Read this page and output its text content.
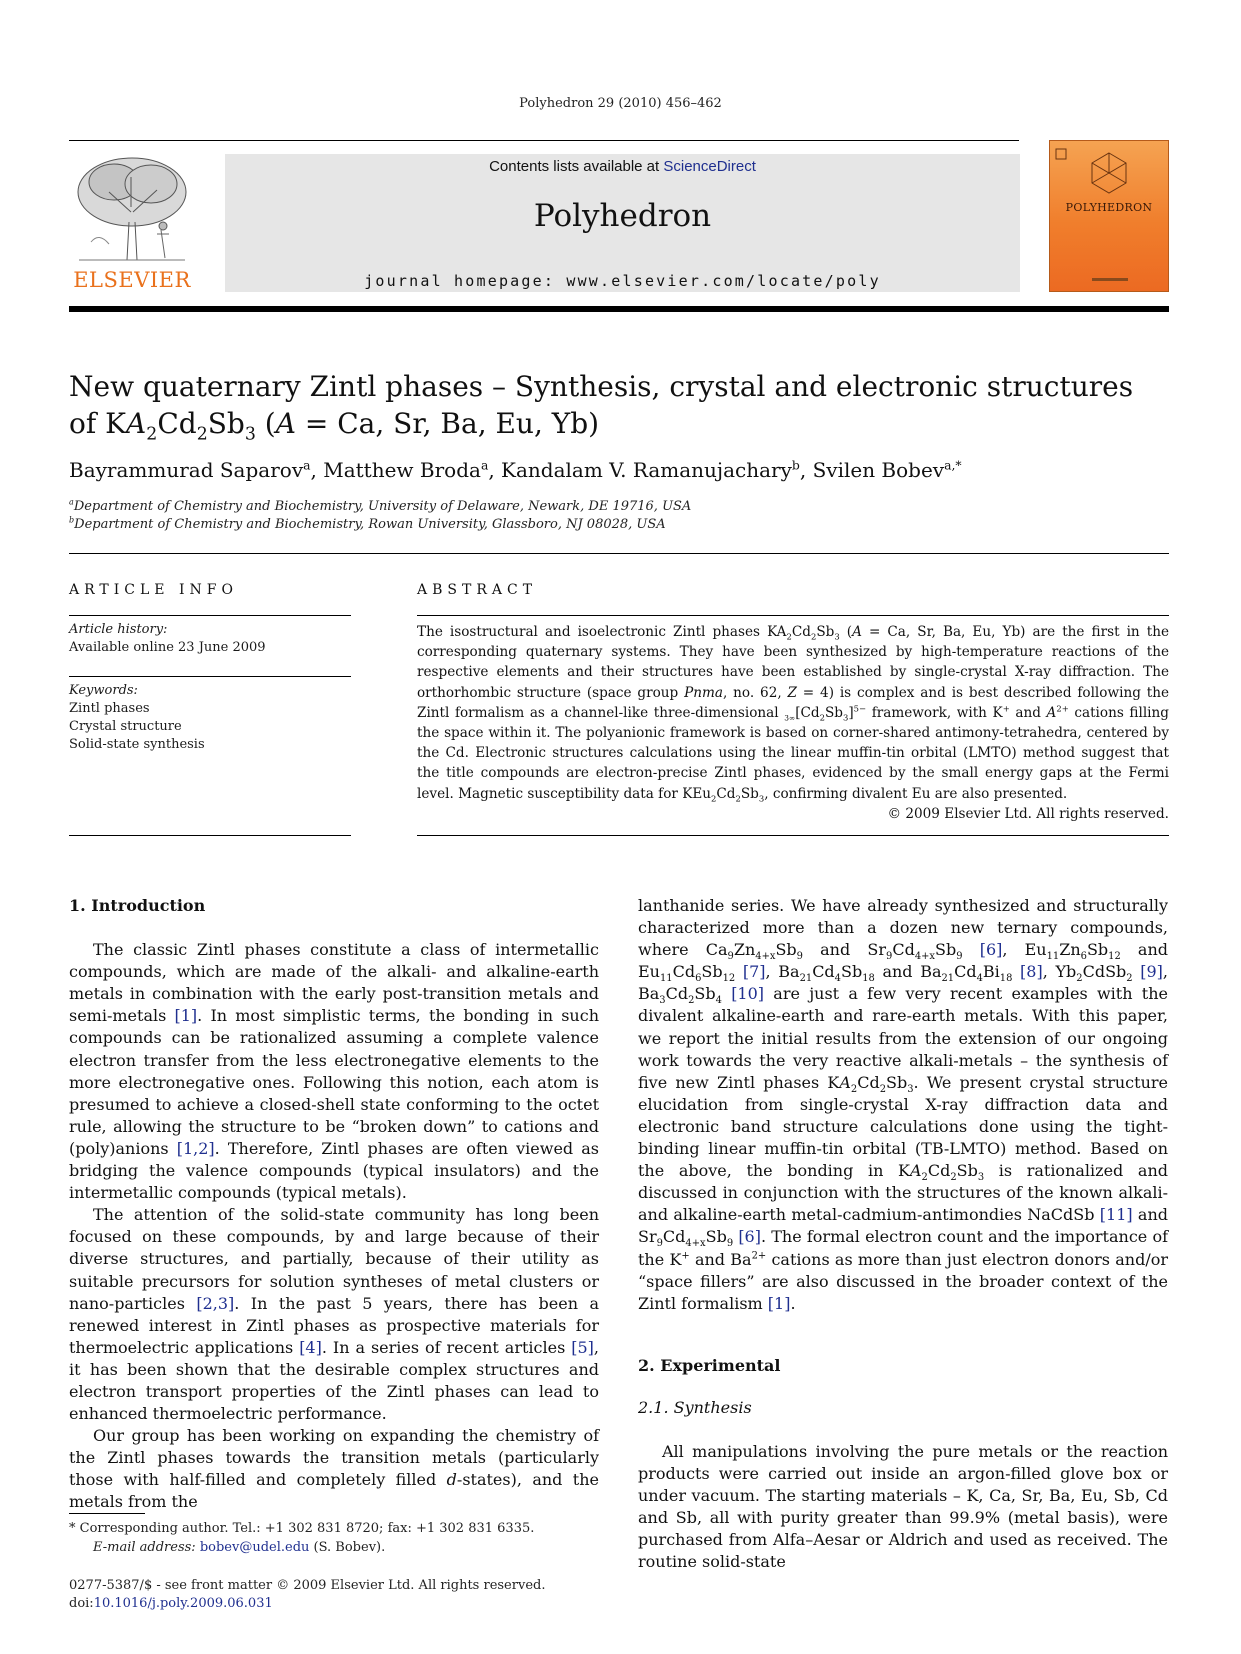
Polyhedron 29 (2010) 456–462
ELSEVIER
Contents lists available at ScienceDirect
Polyhedron
journal homepage: www.elsevier.com/locate/poly
POLYHEDRON
New quaternary Zintl phases – Synthesis, crystal and electronic structures
of $KA_2Cd_2Sb_3$ (A = Ca, Sr, Ba, Eu, Yb)
Bayrammurad Saparov$^a$, Matthew Broda$^a$, Kandalam V. Ramanujachary$^b$, Svilen Bobev$^{a,*}$
$^a$Department of Chemistry and Biochemistry, University of Delaware, Newark, DE 19716, USA
$^b$Department of Chemistry and Biochemistry, Rowan University, Glassboro, NJ 08028, USA
ARTICLE INFO	ABSTRACT
Article history:
Available online 23 June 2009
Keywords:
Zintl phases
Crystal structure
Solid-state synthesis
The isostructural and isoelectronic Zintl phases $KA_2Cd_2Sb_3$ (A = Ca, Sr, Ba, Eu, Yb) are the first in the corresponding quaternary systems. They have been synthesized by high-temperature reactions of the respective elements and their structures have been established by single-crystal X-ray diffraction. The orthorhombic structure (space group Pnma, no. 62, Z = 4) is complex and is best described following the Zintl formalism as a channel-like three-dimensional $_{3\infty}[Cd_2Sb_3]^{5-}$ framework, with K+ and $A^{2+}$ cations filling the space within it. The polyanionic framework is based on corner-shared antimony-tetrahedra, centered by the Cd. Electronic structures calculations using the linear muffin-tin orbital (LMTO) method suggest that the title compounds are electron-precise Zintl phases, evidenced by the small energy gaps at the Fermi level. Magnetic susceptibility data for $KEu_2Cd_2Sb_3$, confirming divalent Eu are also presented.
© 2009 Elsevier Ltd. All rights reserved.

1. Introduction

The classic Zintl phases constitute a class of intermetallic compounds, which are made of the alkali- and alkaline-earth metals in combination with the early post-transition metals and semi-metals [1]. In most simplistic terms, the bonding in such compounds can be rationalized assuming a complete valence electron transfer from the less electronegative elements to the more electronegative ones. Following this notion, each atom is presumed to achieve a closed-shell state conforming to the octet rule, allowing the structure to be “broken down” to cations and (poly)anions [1,2]. Therefore, Zintl phases are often viewed as bridging the valence compounds (typical insulators) and the intermetallic compounds (typical metals).

The attention of the solid-state community has long been focused on these compounds, by and large because of their diverse structures, and partially, because of their utility as suitable precursors for solution syntheses of metal clusters or nano-particles [2,3]. In the past 5 years, there has been a renewed interest in Zintl phases as prospective materials for thermoelectric applications [4]. In a series of recent articles [5], it has been shown that the desirable complex structures and electron transport properties of the Zintl phases can lead to enhanced thermoelectric performance.

Our group has been working on expanding the chemistry of the Zintl phases towards the transition metals (particularly those with half-filled and completely filled d-states), and the metals from the

lanthanide series. We have already synthesized and structurally characterized more than a dozen new ternary compounds, where $Ca_9Zn_{4+x}Sb_9$ and $Sr_9Cd_{4+x}Sb_9$ [6], $Eu_{11}Zn_6Sb_{12}$ and $Eu_{11}Cd_6Sb_{12}$ [7], $Ba_{21}Cd_4Sb_{18}$ and $Ba_{21}Cd_4Bi_{18}$ [8], $Yb_2CdSb_2$ [9], $Ba_3Cd_2Sb_4$ [10] are just a few very recent examples with the divalent alkaline-earth and rare-earth metals. With this paper, we report the initial results from the extension of our ongoing work towards the very reactive alkali-metals – the synthesis of five new Zintl phases $KA_2Cd_2Sb_3$. We present crystal structure elucidation from single-crystal X-ray diffraction data and electronic band structure calculations done using the tight-binding linear muffin-tin orbital (TB-LMTO) method. Based on the above, the bonding in $KA_2Cd_2Sb_3$ is rationalized and discussed in conjunction with the structures of the known alkali- and alkaline-earth metal-cadmium-antimondies NaCdSb [11] and $Sr_9Cd_{4+x}Sb_9$ [6]. The formal electron count and the importance of the K+ and $Ba^{2+}$ cations as more than just electron donors and/or “space fillers” are also discussed in the broader context of the Zintl formalism [1].

2. Experimental

2.1. Synthesis

All manipulations involving the pure metals or the reaction products were carried out inside an argon-filled glove box or under vacuum. The starting materials – K, Ca, Sr, Ba, Eu, Sb, Cd and Sb, all with purity greater than 99.9% (metal basis), were purchased from Alfa–Aesar or Aldrich and used as received. The routine solid-state

* Corresponding author. Tel.: +1 302 831 8720; fax: +1 302 831 6335.
E-mail address: bobev@udel.edu (S. Bobev).
0277-5387/$ - see front matter © 2009 Elsevier Ltd. All rights reserved.
doi:10.1016/j.poly.2009.06.031
